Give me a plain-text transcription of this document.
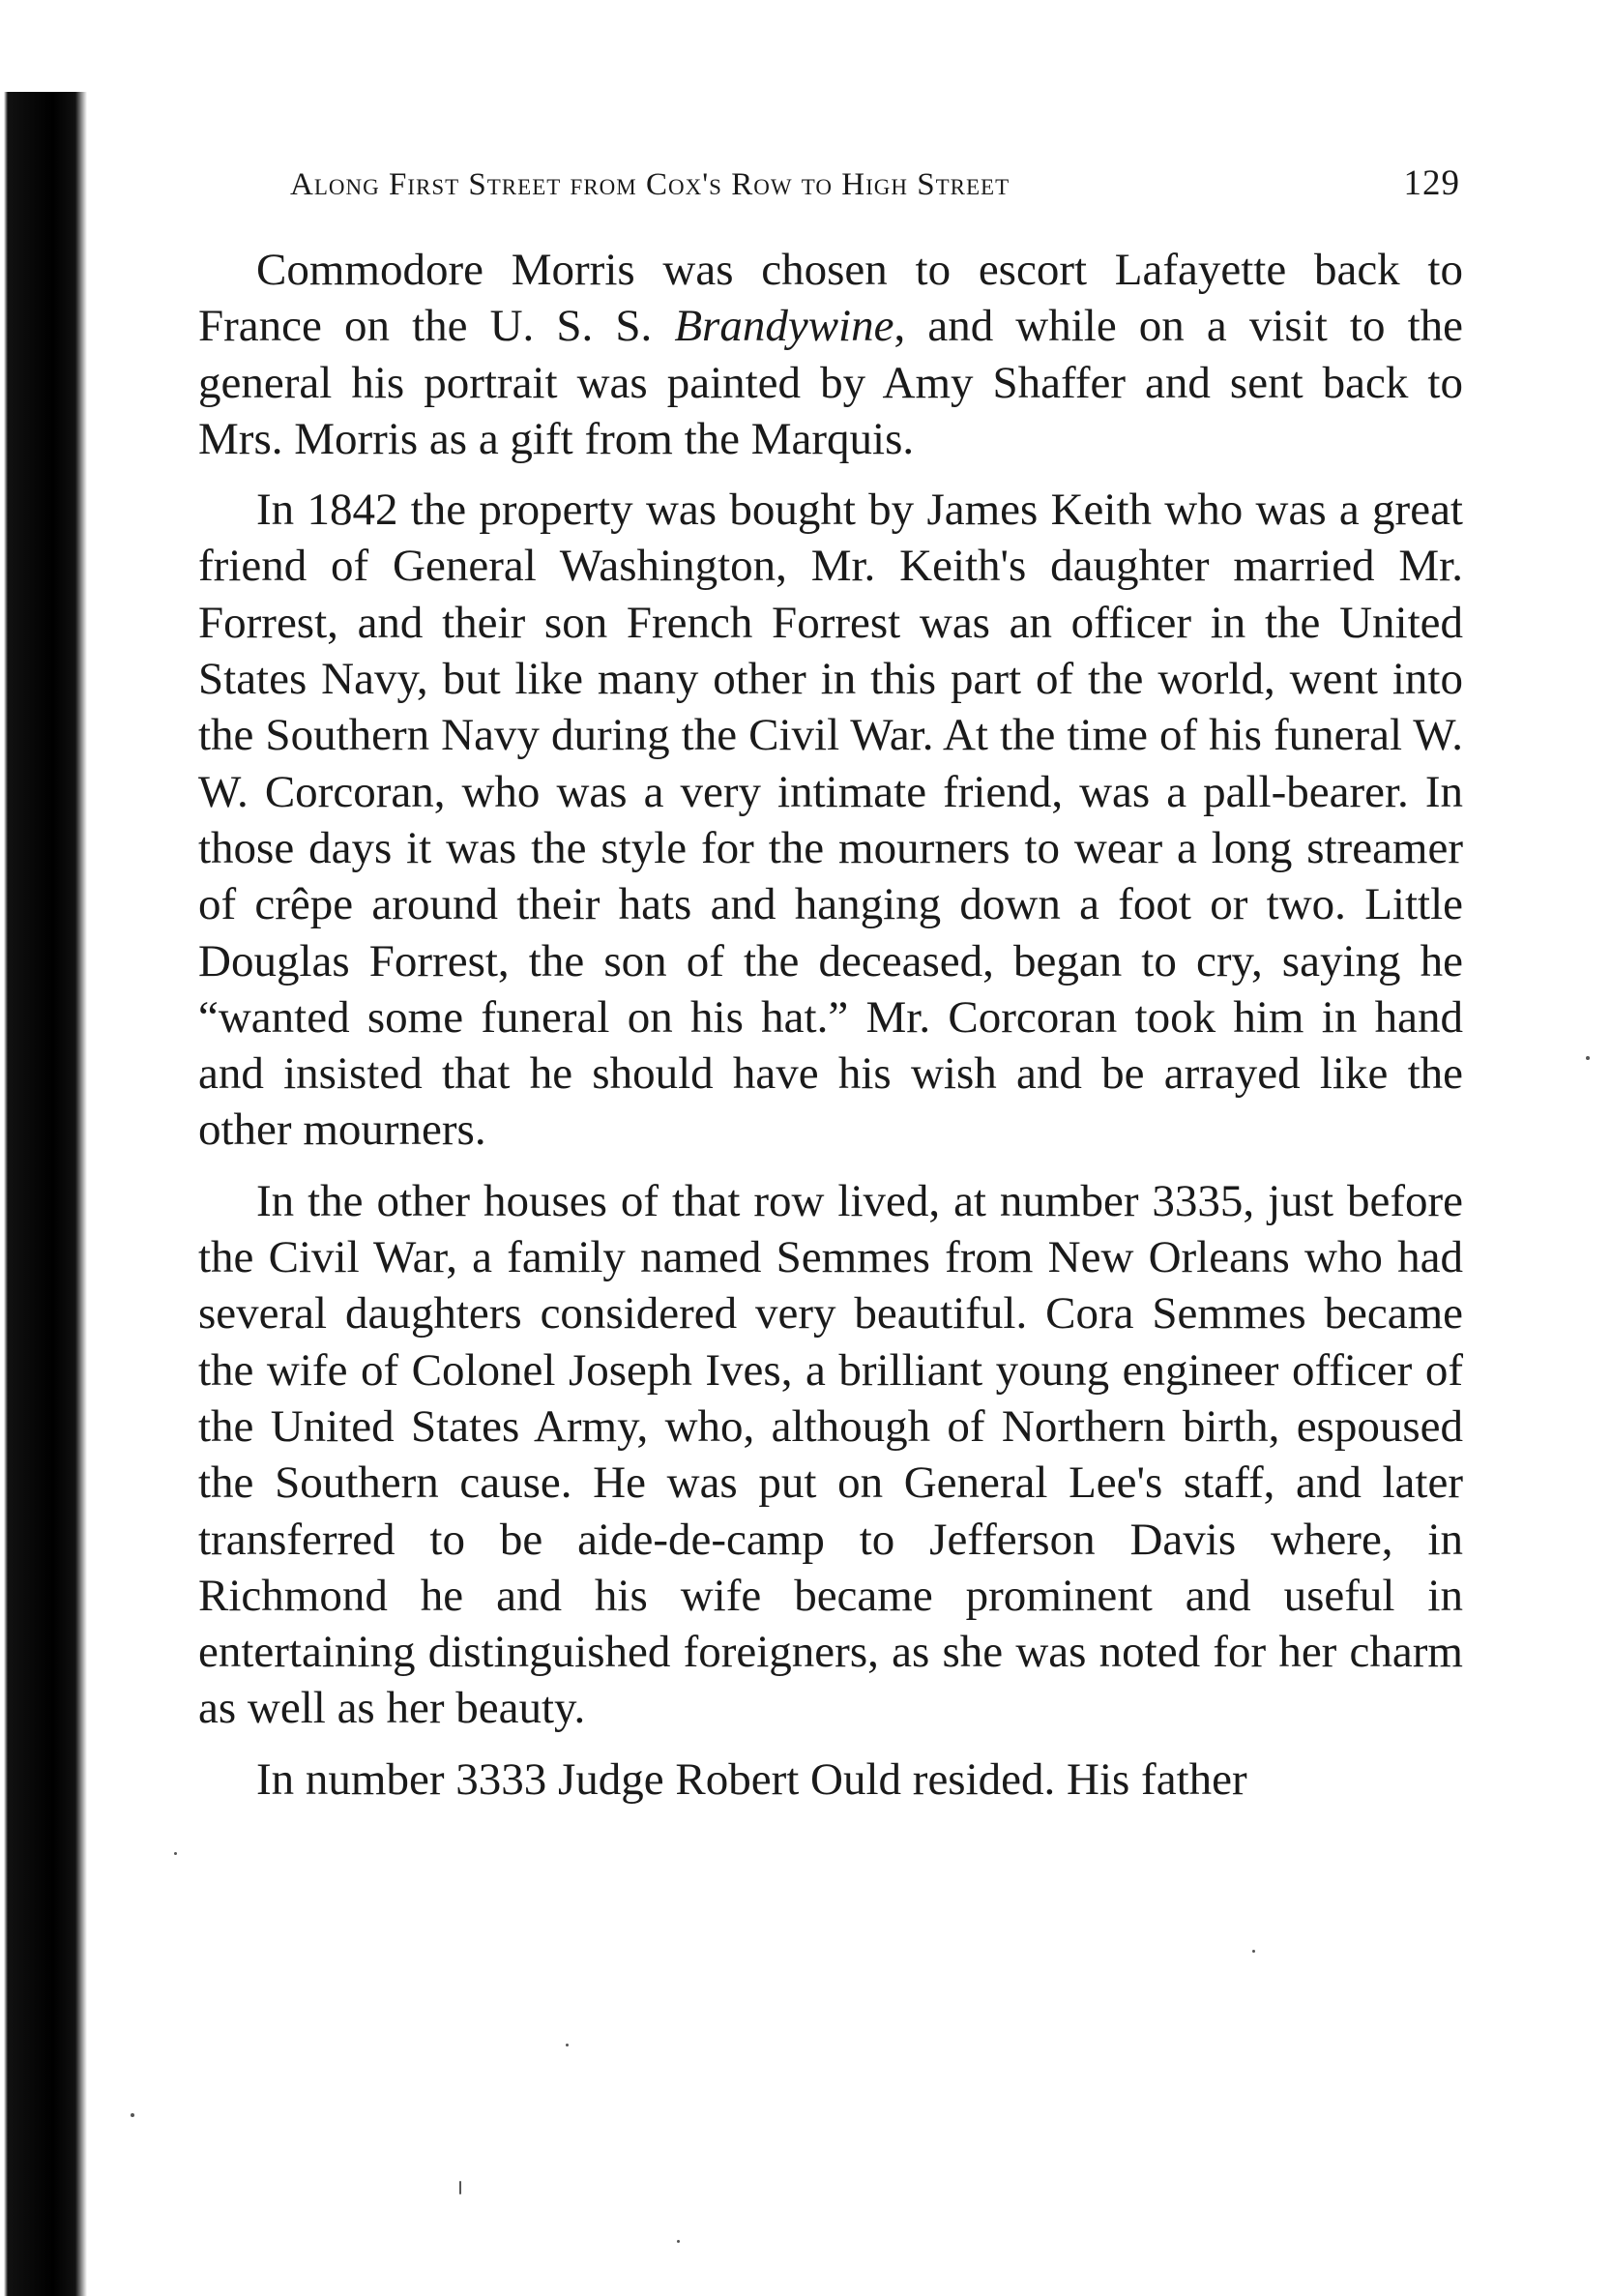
Along First Street from Cox's Row to High Street	129

Commodore Morris was chosen to escort Lafayette back to France on the U. S. S. Brandywine, and while on a visit to the general his portrait was painted by Amy Shaffer and sent back to Mrs. Morris as a gift from the Marquis.

In 1842 the property was bought by James Keith who was a great friend of General Washington, Mr. Keith's daughter married Mr. Forrest, and their son French Forrest was an officer in the United States Navy, but like many other in this part of the world, went into the Southern Navy during the Civil War. At the time of his funeral W. W. Corcoran, who was a very intimate friend, was a pall-bearer. In those days it was the style for the mourners to wear a long streamer of crêpe around their hats and hanging down a foot or two. Little Douglas Forrest, the son of the deceased, began to cry, saying he “wanted some funeral on his hat.” Mr. Corcoran took him in hand and insisted that he should have his wish and be arrayed like the other mourners.

In the other houses of that row lived, at number 3335, just before the Civil War, a family named Semmes from New Orleans who had several daughters considered very beautiful. Cora Semmes became the wife of Colonel Joseph Ives, a brilliant young engineer officer of the United States Army, who, although of Northern birth, espoused the Southern cause. He was put on General Lee's staff, and later transferred to be aide-de-camp to Jefferson Davis where, in Richmond he and his wife became prominent and useful in entertaining distinguished foreigners, as she was noted for her charm as well as her beauty.

In number 3333 Judge Robert Ould resided. His father
